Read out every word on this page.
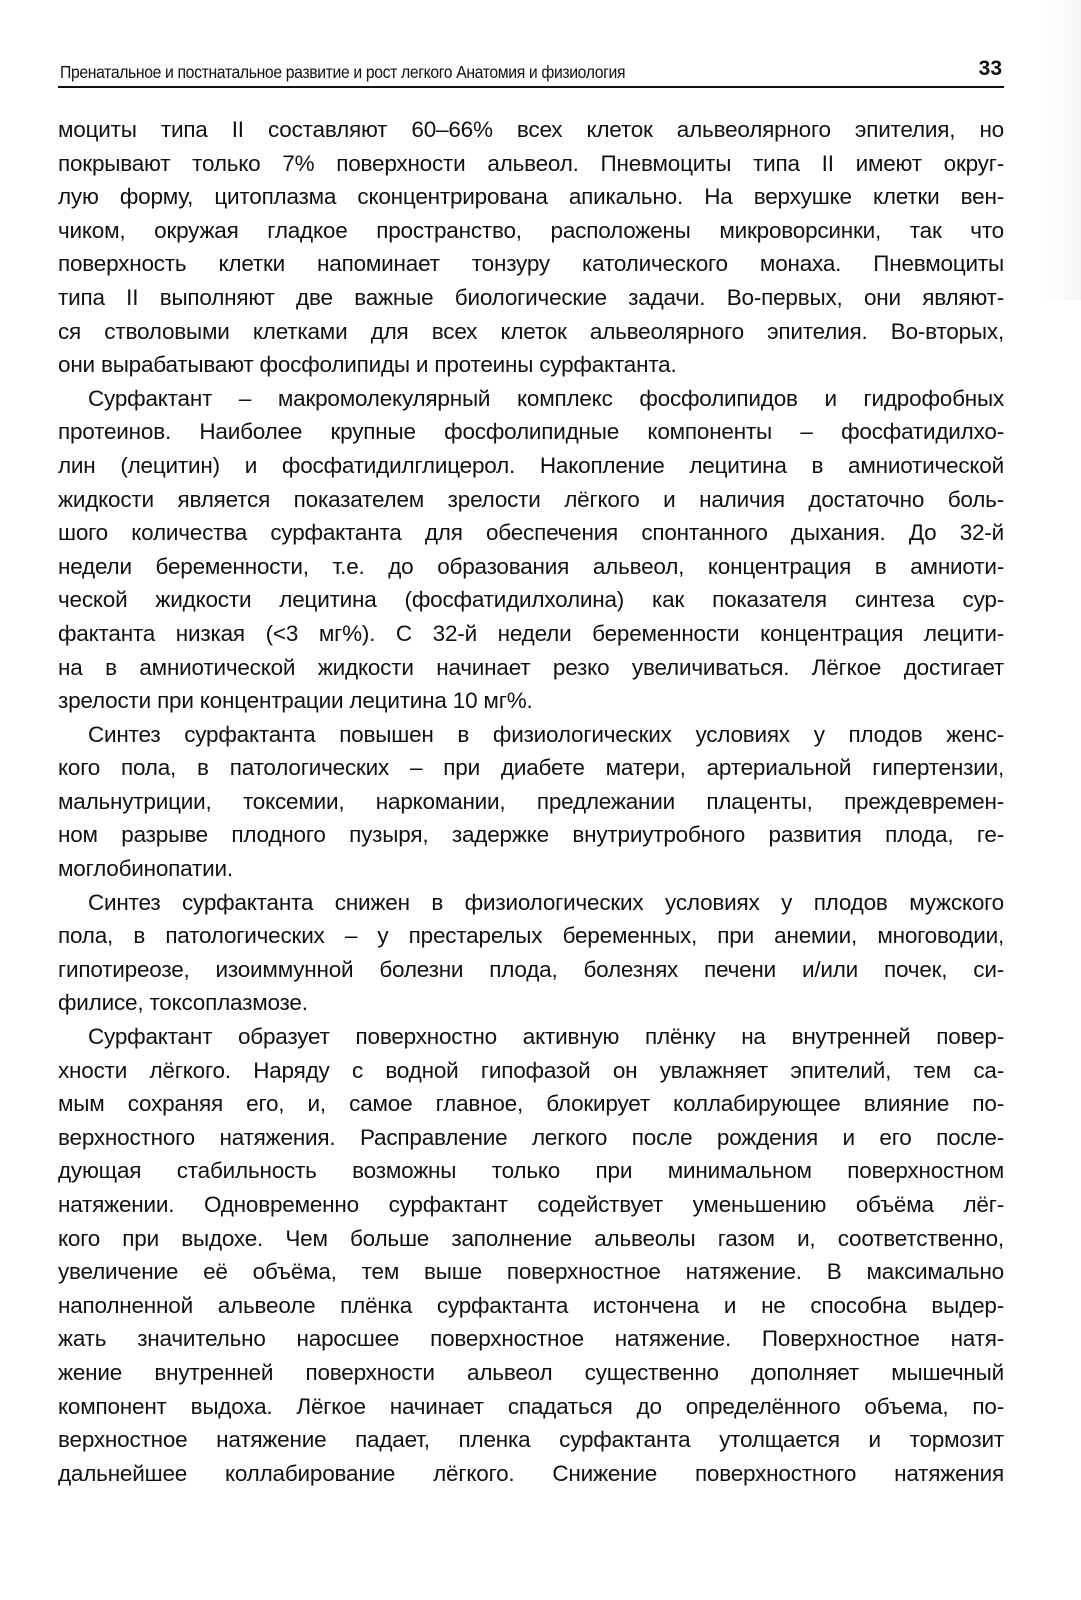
Пренатальное и постнатальное развитие и рост легкого Анатомия и физиология	33
моциты типа II составляют 60–66% всех клеток альвеолярного эпителия, но
покрывают только 7% поверхности альвеол. Пневмоциты типа II имеют округ-
лую форму, цитоплазма сконцентрирована апикально. На верхушке клетки вен-
чиком, окружая гладкое пространство, расположены микроворсинки, так что
поверхность клетки напоминает тонзуру католического монаха. Пневмоциты
типа II выполняют две важные биологические задачи. Во-первых, они являют-
ся стволовыми клетками для всех клеток альвеолярного эпителия. Во-вторых,
они вырабатывают фосфолипиды и протеины сурфактанта.
Сурфактант – макромолекулярный комплекс фосфолипидов и гидрофобных
протеинов. Наиболее крупные фосфолипидные компоненты – фосфатидилхо-
лин (лецитин) и фосфатидилглицерол. Накопление лецитина в амниотической
жидкости является показателем зрелости лёгкого и наличия достаточно боль-
шого количества сурфактанта для обеспечения спонтанного дыхания. До 32-й
недели беременности, т.е. до образования альвеол, концентрация в амниоти-
ческой жидкости лецитина (фосфатидилхолина) как показателя синтеза сур-
фактанта низкая (<3 мг%). С 32-й недели беременности концентрация лецити-
на в амниотической жидкости начинает резко увеличиваться. Лёгкое достигает
зрелости при концентрации лецитина 10 мг%.
Синтез сурфактанта повышен в физиологических условиях у плодов женс-
кого пола, в патологических – при диабете матери, артериальной гипертензии,
мальнутриции, токсемии, наркомании, предлежании плаценты, преждевремен-
ном разрыве плодного пузыря, задержке внутриутробного развития плода, ге-
моглобинопатии.
Синтез сурфактанта снижен в физиологических условиях у плодов мужского
пола, в патологических – у престарелых беременных, при анемии, многоводии,
гипотиреозе, изоиммунной болезни плода, болезнях печени и/или почек, си-
филисе, токсоплазмозе.
Сурфактант образует поверхностно активную плёнку на внутренней повер-
хности лёгкого. Наряду с водной гипофазой он увлажняет эпителий, тем са-
мым сохраняя его, и, самое главное, блокирует коллабирующее влияние по-
верхностного натяжения. Расправление легкого после рождения и его после-
дующая стабильность возможны только при минимальном поверхностном
натяжении. Одновременно сурфактант содействует уменьшению объёма лёг-
кого при выдохе. Чем больше заполнение альвеолы газом и, соответственно,
увеличение её объёма, тем выше поверхностное натяжение. В максимально
наполненной альвеоле плёнка сурфактанта истончена и не способна выдер-
жать значительно наросшее поверхностное натяжение. Поверхностное натя-
жение внутренней поверхности альвеол существенно дополняет мышечный
компонент выдоха. Лёгкое начинает спадаться до определённого объема, по-
верхностное натяжение падает, пленка сурфактанта утолщается и тормозит
дальнейшее коллабирование лёгкого. Снижение поверхностного натяжения
